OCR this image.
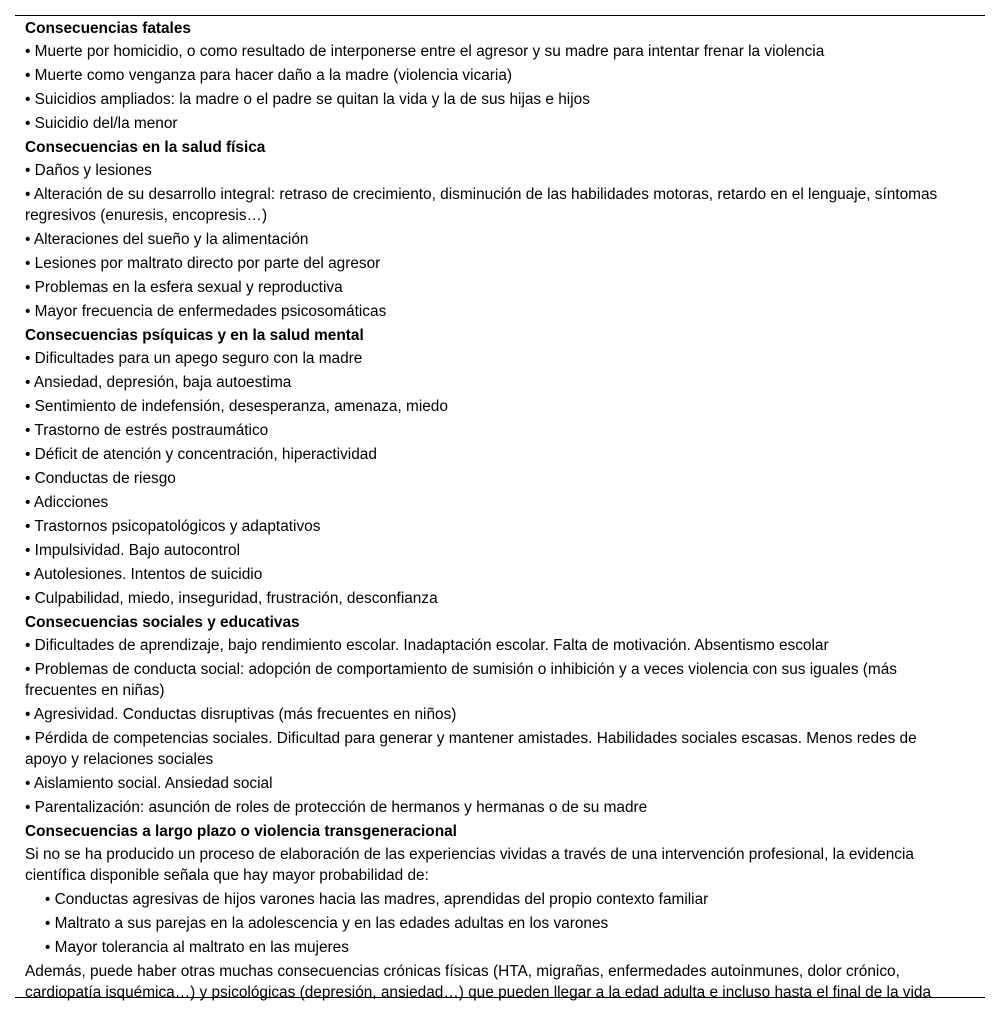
Consecuencias fatales
• Muerte por homicidio, o como resultado de interponerse entre el agresor y su madre para intentar frenar la violencia
• Muerte como venganza para hacer daño a la madre (violencia vicaria)
• Suicidios ampliados: la madre o el padre se quitan la vida y la de sus hijas e hijos
• Suicidio del/la menor
Consecuencias en la salud física
• Daños y lesiones
• Alteración de su desarrollo integral: retraso de crecimiento, disminución de las habilidades motoras, retardo en el lenguaje, síntomas regresivos (enuresis, encopresis…)
• Alteraciones del sueño y la alimentación
• Lesiones por maltrato directo por parte del agresor
• Problemas en la esfera sexual y reproductiva
• Mayor frecuencia de enfermedades psicosomáticas
Consecuencias psíquicas y en la salud mental
• Dificultades para un apego seguro con la madre
• Ansiedad, depresión, baja autoestima
• Sentimiento de indefensión, desesperanza, amenaza, miedo
• Trastorno de estrés postraumático
• Déficit de atención y concentración, hiperactividad
• Conductas de riesgo
• Adicciones
• Trastornos psicopatológicos y adaptativos
• Impulsividad. Bajo autocontrol
• Autolesiones. Intentos de suicidio
• Culpabilidad, miedo, inseguridad, frustración, desconfianza
Consecuencias sociales y educativas
• Dificultades de aprendizaje, bajo rendimiento escolar. Inadaptación escolar. Falta de motivación. Absentismo escolar
• Problemas de conducta social: adopción de comportamiento de sumisión o inhibición y a veces violencia con sus iguales (más frecuentes en niñas)
• Agresividad. Conductas disruptivas (más frecuentes en niños)
• Pérdida de competencias sociales. Dificultad para generar y mantener amistades. Habilidades sociales escasas. Menos redes de apoyo y relaciones sociales
• Aislamiento social. Ansiedad social
• Parentalización: asunción de roles de protección de hermanos y hermanas o de su madre
Consecuencias a largo plazo o violencia transgeneracional
Si no se ha producido un proceso de elaboración de las experiencias vividas a través de una intervención profesional, la evidencia científica disponible señala que hay mayor probabilidad de:
• Conductas agresivas de hijos varones hacia las madres, aprendidas del propio contexto familiar
• Maltrato a sus parejas en la adolescencia y en las edades adultas en los varones
• Mayor tolerancia al maltrato en las mujeres
Además, puede haber otras muchas consecuencias crónicas físicas (HTA, migrañas, enfermedades autoinmunes, dolor crónico, cardiopatía isquémica…) y psicológicas (depresión, ansiedad…) que pueden llegar a la edad adulta e incluso hasta el final de la vida
